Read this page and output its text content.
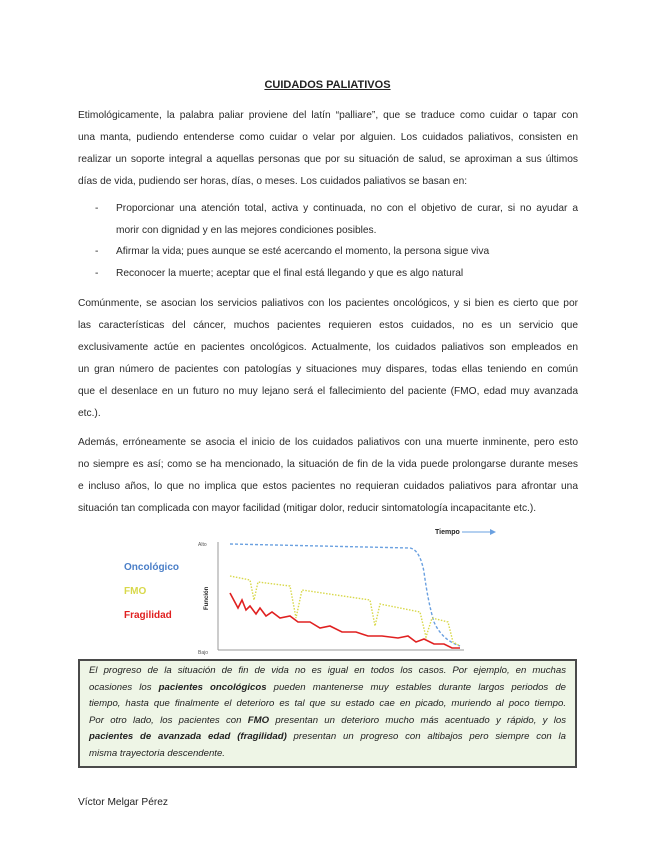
CUIDADOS PALIATIVOS
Etimológicamente, la palabra paliar proviene del latín “palliare”, que se traduce como cuidar o tapar con
una manta, pudiendo entenderse como cuidar o velar por alguien. Los cuidados paliativos, consisten en
realizar un soporte integral a aquellas personas que por su situación de salud, se aproximan a sus últimos
días de vida, pudiendo ser horas, días, o meses. Los cuidados paliativos se basan en:
- Proporcionar una atención total, activa y continuada, no con el objetivo de curar, si no ayudar a
morir con dignidad y en las mejores condiciones posibles.
- Afirmar la vida; pues aunque se esté acercando el momento, la persona sigue viva
- Reconocer la muerte; aceptar que el final está llegando y que es algo natural
Comúnmente, se asocian los servicios paliativos con los pacientes oncológicos, y si bien es cierto que por
las características del cáncer, muchos pacientes requieren estos cuidados, no es un servicio que
exclusivamente actúe en pacientes oncológicos. Actualmente, los cuidados paliativos son empleados en
un gran número de pacientes con patologías y situaciones muy dispares, todas ellas teniendo en común
que el desenlace en un futuro no muy lejano será el fallecimiento del paciente (FMO, edad muy avanzada
etc.).
Además, erróneamente se asocia el inicio de los cuidados paliativos con una muerte inminente, pero esto
no siempre es así; como se ha mencionado, la situación de fin de la vida puede prolongarse durante meses
e incluso años, lo que no implica que estos pacientes no requieran cuidados paliativos para afrontar una
situación tan complicada con mayor facilidad (mitigar dolor, reducir sintomatología incapacitante etc.).
Tiempo
Alto
Bajo
Función
Oncológico
FMO
Fragilidad
El progreso de la situación de fin de vida no es igual en todos los casos. Por ejemplo, en muchas
ocasiones los pacientes oncológicos pueden mantenerse muy estables durante largos periodos de
tiempo, hasta que finalmente el deterioro es tal que su estado cae en picado, muriendo al poco tiempo.
Por otro lado, los pacientes con FMO presentan un deterioro mucho más acentuado y rápido, y los
pacientes de avanzada edad (fragilidad) presentan un progreso con altibajos pero siempre con la
misma trayectoria descendente.
Víctor Melgar Pérez
